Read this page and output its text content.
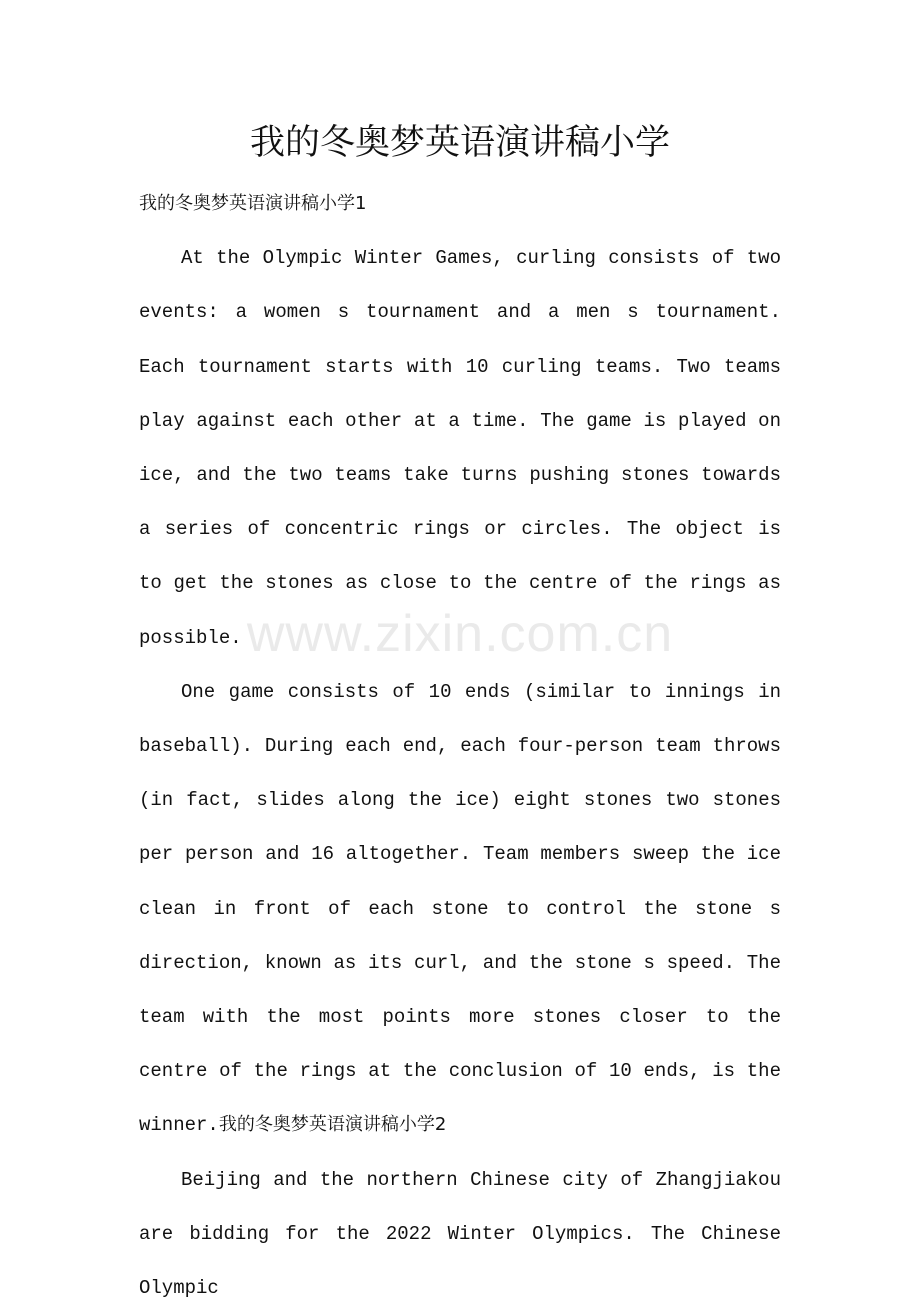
我的冬奥梦英语演讲稿小学

我的冬奥梦英语演讲稿小学1

At the Olympic Winter Games, curling consists of two events: a women s tournament and a men s tournament. Each tournament starts with 10 curling teams. Two teams play against each other at a time. The game is played on ice, and the two teams take turns pushing stones towards a series of concentric rings or circles. The object is to get the stones as close to the centre of the rings as possible.

One game consists of 10 ends (similar to innings in baseball). During each end, each four-person team throws (in fact, slides along the ice) eight stones two stones per person and 16 altogether. Team members sweep the ice clean in front of each stone to control the stone s direction, known as its curl, and the stone s speed. The team with the most points more stones closer to the centre of the rings at the conclusion of 10 ends, is the winner.我的冬奥梦英语演讲稿小学2

Beijing and the northern Chinese city of Zhangjiakou are bidding for the 2022 Winter Olympics. The Chinese Olympic

www.zixin.com.cn
